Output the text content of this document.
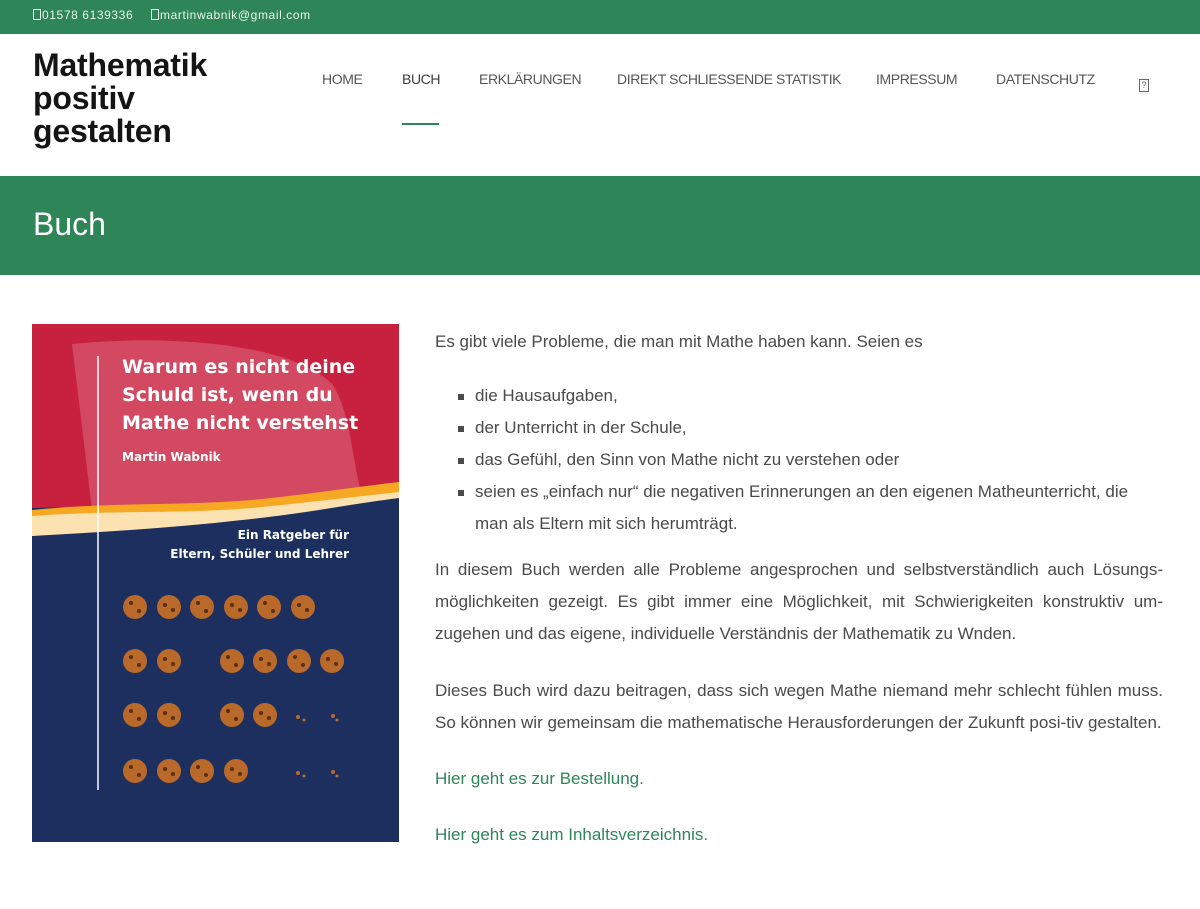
01578 6139336	martinwabnik@gmail.com
Mathematik
positiv
gestalten
HOME	BUCH	ERKLÄRUNGEN	DIREKT SCHLIESSENDE STATISTIK IMPRESSUM	DATENSCHUTZ	?
Buch
Warum es nicht deine
Schuld ist, wenn du
Mathe nicht verstehst
Martin Wabnik
Ein Ratgeber für
Eltern, Schüler und Lehrer

Es gibt viele Probleme, die man mit Mathe haben kann. Seien es

die Hausaufgaben,
der Unterricht in der Schule,
das Gefühl, den Sinn von Mathe nicht zu verstehen oder
seien es „einfach nur“ die negativen Erinnerungen an den eigenen Matheunterricht, die man als Eltern mit sich herumträgt.

In diesem Buch werden alle Probleme angesprochen und selbstverständlich auch Lösungs-möglichkeiten gezeigt. Es gibt immer eine Möglichkeit, mit Schwierigkeiten konstruktiv um-zugehen und das eigene, individuelle Verständnis der Mathematik zu Wnden.

Dieses Buch wird dazu beitragen, dass sich wegen Mathe niemand mehr schlecht fühlen muss. So können wir gemeinsam die mathematische Herausforderungen der Zukunft posi-tiv gestalten.

Hier geht es zur Bestellung.
Hier geht es zum Inhaltsverzeichnis.
